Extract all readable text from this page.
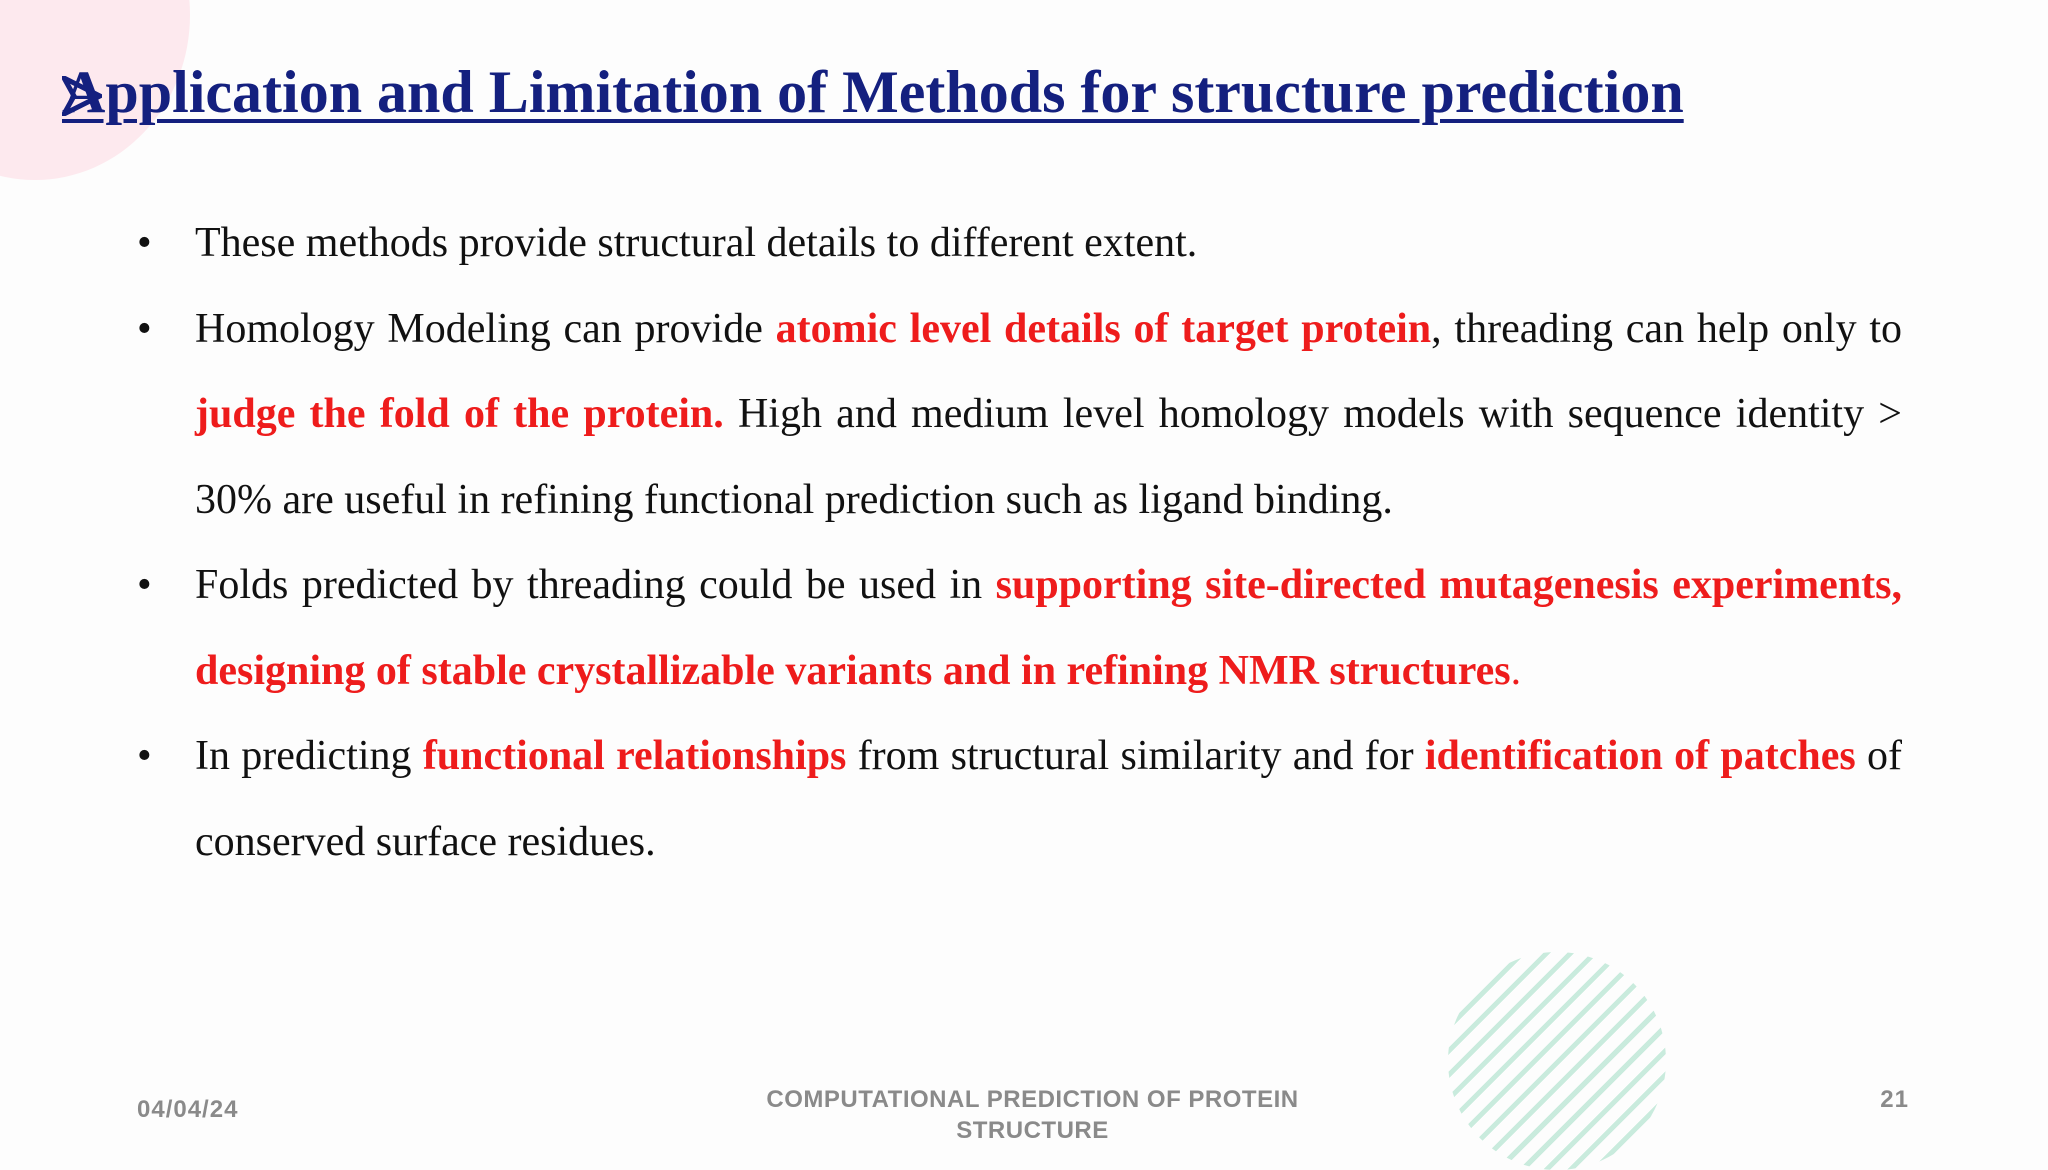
Application and Limitation of Methods for structure prediction
•	These methods provide structural details to different extent.
•	Homology Modeling can provide atomic level details of target protein, threading can help only to judge the fold of the protein. High and medium level homology models with sequence identity > 30% are useful in refining functional prediction such as ligand binding.
•	Folds predicted by threading could be used in supporting site-directed mutagenesis experiments, designing of stable crystallizable variants and in refining NMR structures.
•	In predicting functional relationships from structural similarity and for identification of patches of conserved surface residues.
04/04/24	COMPUTATIONAL PREDICTION OF PROTEIN
STRUCTURE
21
